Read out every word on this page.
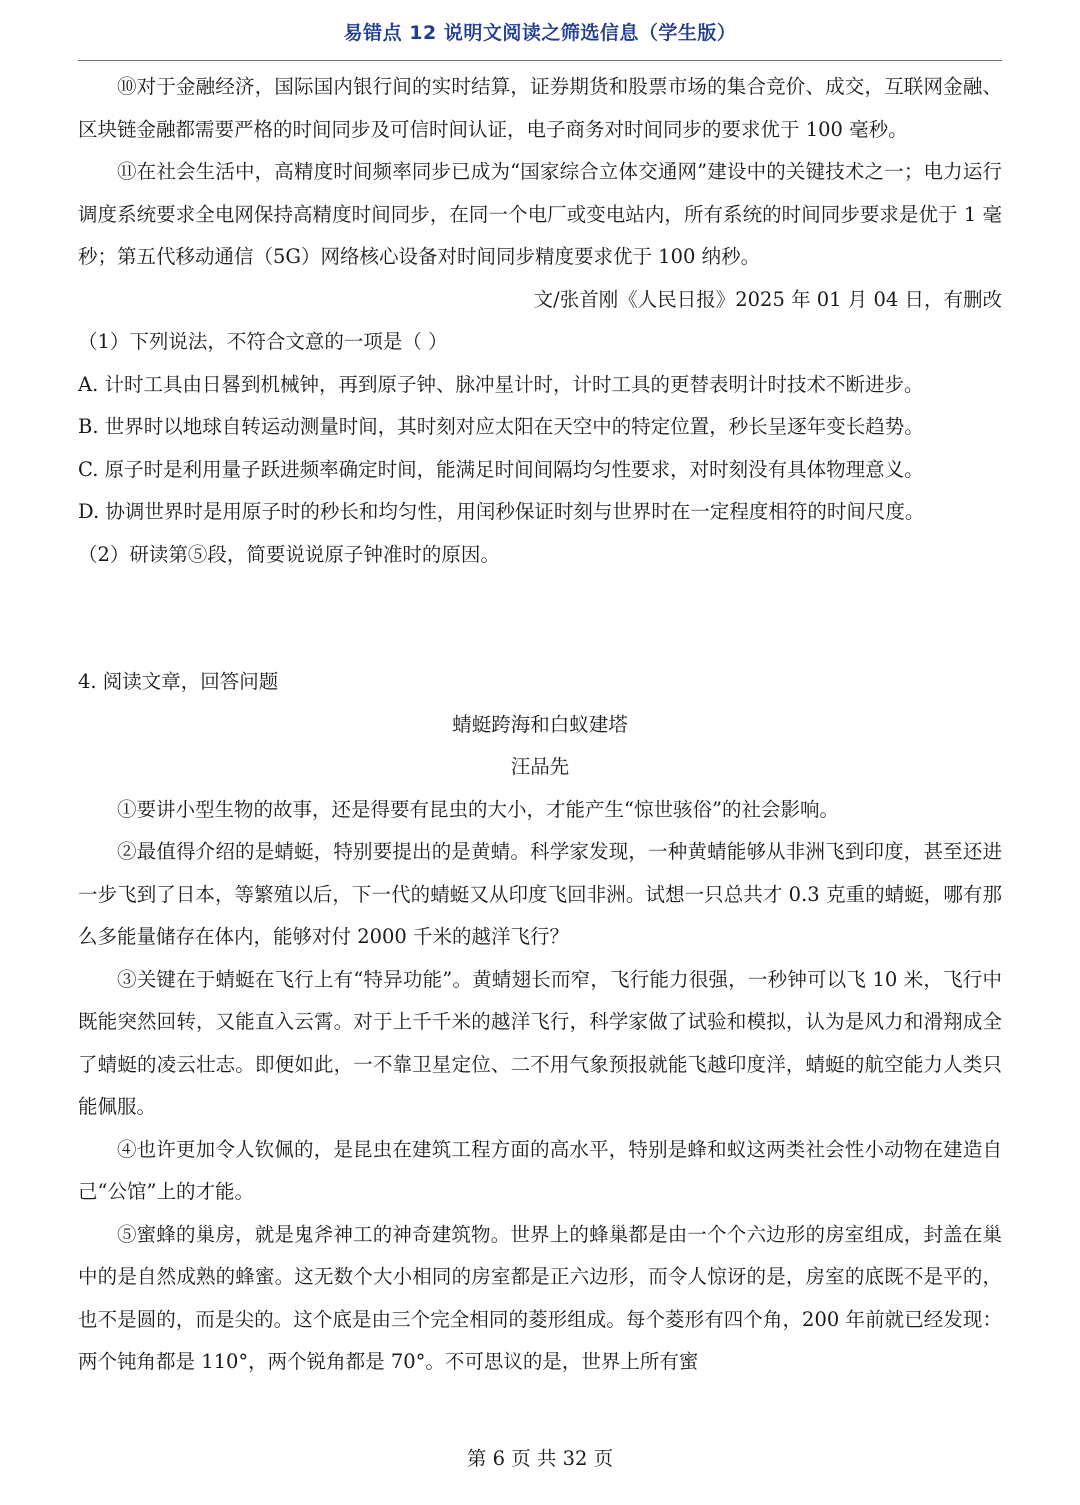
易错点 12 说明文阅读之筛选信息（学生版）

⑩对于金融经济，国际国内银行间的实时结算，证券期货和股票市场的集合竞价、成交，互联网金融、区块链金融都需要严格的时间同步及可信时间认证，电子商务对时间同步的要求优于 100 毫秒。

⑪在社会生活中，高精度时间频率同步已成为“国家综合立体交通网”建设中的关键技术之一；电力运行调度系统要求全电网保持高精度时间同步，在同一个电厂或变电站内，所有系统的时间同步要求是优于 1 毫秒；第五代移动通信（5G）网络核心设备对时间同步精度要求优于 100 纳秒。

文/张首刚《人民日报》2025 年 01 月 04 日，有删改

（1）下列说法，不符合文意的一项是（ ）

A. 计时工具由日晷到机械钟，再到原子钟、脉冲星计时，计时工具的更替表明计时技术不断进步。

B. 世界时以地球自转运动测量时间，其时刻对应太阳在天空中的特定位置，秒长呈逐年变长趋势。

C. 原子时是利用量子跃进频率确定时间，能满足时间间隔均匀性要求，对时刻没有具体物理意义。

D. 协调世界时是用原子时的秒长和均匀性，用闰秒保证时刻与世界时在一定程度相符的时间尺度。

（2）研读第⑤段，简要说说原子钟准时的原因。

4. 阅读文章，回答问题

蜻蜓跨海和白蚁建塔

汪品先

①要讲小型生物的故事，还是得要有昆虫的大小，才能产生“惊世骇俗”的社会影响。

②最值得介绍的是蜻蜓，特别要提出的是黄蜻。科学家发现，一种黄蜻能够从非洲飞到印度，甚至还进一步飞到了日本，等繁殖以后，下一代的蜻蜓又从印度飞回非洲。试想一只总共才 0.3 克重的蜻蜓，哪有那么多能量储存在体内，能够对付 2000 千米的越洋飞行？

③关键在于蜻蜓在飞行上有“特异功能”。黄蜻翅长而窄，飞行能力很强，一秒钟可以飞 10 米，飞行中既能突然回转，又能直入云霄。对于上千千米的越洋飞行，科学家做了试验和模拟，认为是风力和滑翔成全了蜻蜓的凌云壮志。即便如此，一不靠卫星定位、二不用气象预报就能飞越印度洋，蜻蜓的航空能力人类只能佩服。

④也许更加令人钦佩的，是昆虫在建筑工程方面的高水平，特别是蜂和蚁这两类社会性小动物在建造自己“公馆”上的才能。

⑤蜜蜂的巢房，就是鬼斧神工的神奇建筑物。世界上的蜂巢都是由一个个六边形的房室组成，封盖在巢中的是自然成熟的蜂蜜。这无数个大小相同的房室都是正六边形，而令人惊讶的是，房室的底既不是平的，也不是圆的，而是尖的。这个底是由三个完全相同的菱形组成。每个菱形有四个角，200 年前就已经发现：两个钝角都是 110°，两个锐角都是 70°。不可思议的是，世界上所有蜜

第 6 页 共 32 页
